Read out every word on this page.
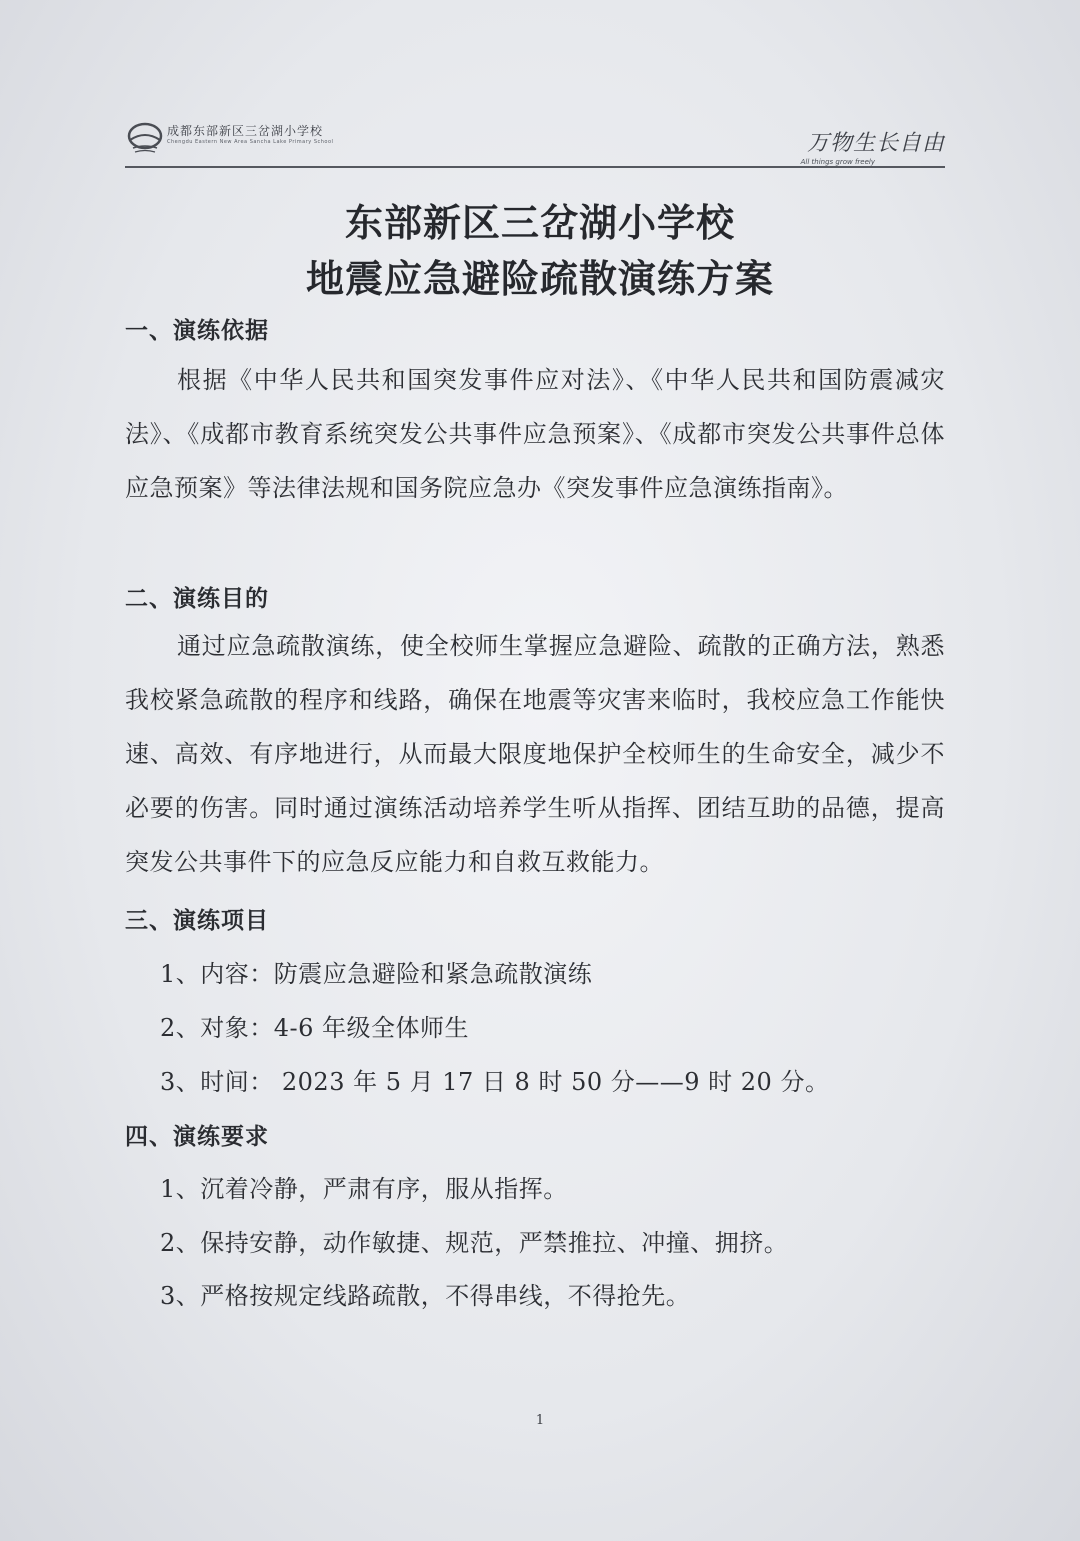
成都东部新区三岔湖小学校
Chengdu Eastern New Area Sancha Lake Primary School	万物生长自由
All things grow freely
东部新区三岔湖小学校
地震应急避险疏散演练方案
一、演练依据
根据《中华人民共和国突发事件应对法》、《中华人民共和国防震减灾法》、《成都市教育系统突发公共事件应急预案》、《成都市突发公共事件总体应急预案》等法律法规和国务院应急办《突发事件应急演练指南》。
二、演练目的
通过应急疏散演练，使全校师生掌握应急避险、疏散的正确方法，熟悉我校紧急疏散的程序和线路，确保在地震等灾害来临时，我校应急工作能快速、高效、有序地进行，从而最大限度地保护全校师生的生命安全，减少不必要的伤害。同时通过演练活动培养学生听从指挥、团结互助的品德，提高突发公共事件下的应急反应能力和自救互救能力。
三、演练项目
1、内容：防震应急避险和紧急疏散演练
2、对象：4-6 年级全体师生
3、时间： 2023 年 5 月 17 日 8 时 50 分——9 时 20 分。
四、演练要求
1、沉着冷静，严肃有序，服从指挥。
2、保持安静，动作敏捷、规范，严禁推拉、冲撞、拥挤。
3、严格按规定线路疏散，不得串线，不得抢先。
1
